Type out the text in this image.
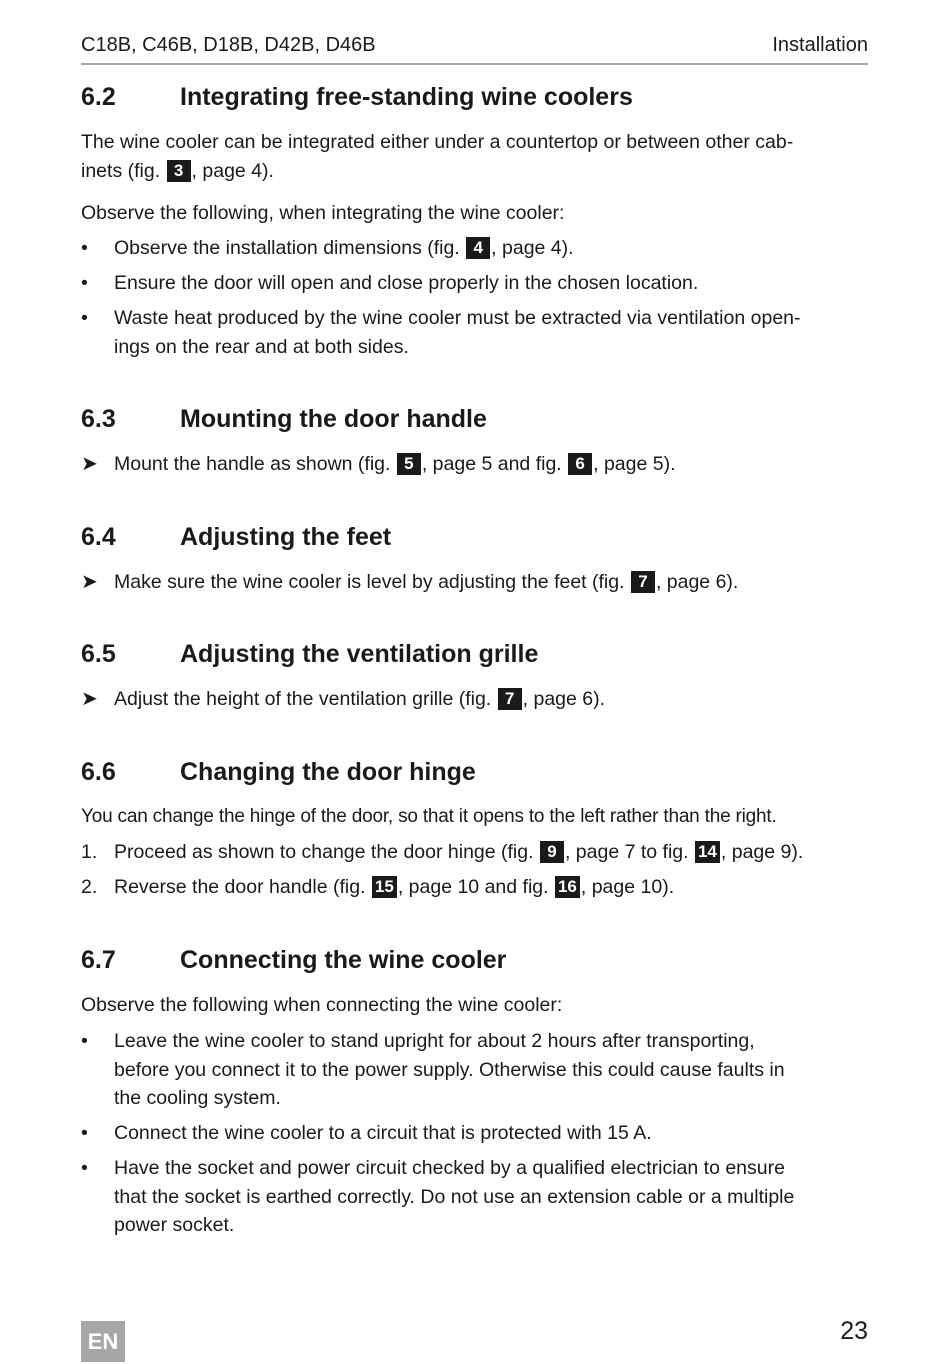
C18B, C46B, D18B, D42B, D46B	Installation
6.2	Integrating free-standing wine coolers
The wine cooler can be integrated either under a countertop or between other cab-
inets (fig. 3 , page 4).
Observe the following, when integrating the wine cooler:
•	Observe the installation dimensions (fig. 4 , page 4).
•	Ensure the door will open and close properly in the chosen location.
•	Waste heat produced by the wine cooler must be extracted via ventilation open-
ings on the rear and at both sides.
6.3	Mounting the door handle
➤ Mount the handle as shown (fig. 5 , page 5 and fig. 6 , page 5).
6.4	Adjusting the feet
➤ Make sure the wine cooler is level by adjusting the feet (fig. 7 , page 6).
6.5	Adjusting the ventilation grille
➤ Adjust the height of the ventilation grille (fig. 7 , page 6).
6.6	Changing the door hinge
You can change the hinge of the door, so that it opens to the left rather than the right.
1. Proceed as shown to change the door hinge (fig. 9 , page 7 to fig. 14 , page 9).
2. Reverse the door handle (fig. 15 , page 10 and fig. 16 , page 10).
6.7	Connecting the wine cooler
Observe the following when connecting the wine cooler:
•	Leave the wine cooler to stand upright for about 2 hours after transporting,
before you connect it to the power supply. Otherwise this could cause faults in
the cooling system.
•	Connect the wine cooler to a circuit that is protected with 15 A.
•	Have the socket and power circuit checked by a qualified electrician to ensure
that the socket is earthed correctly. Do not use an extension cable or a multiple
power socket.
EN	23
